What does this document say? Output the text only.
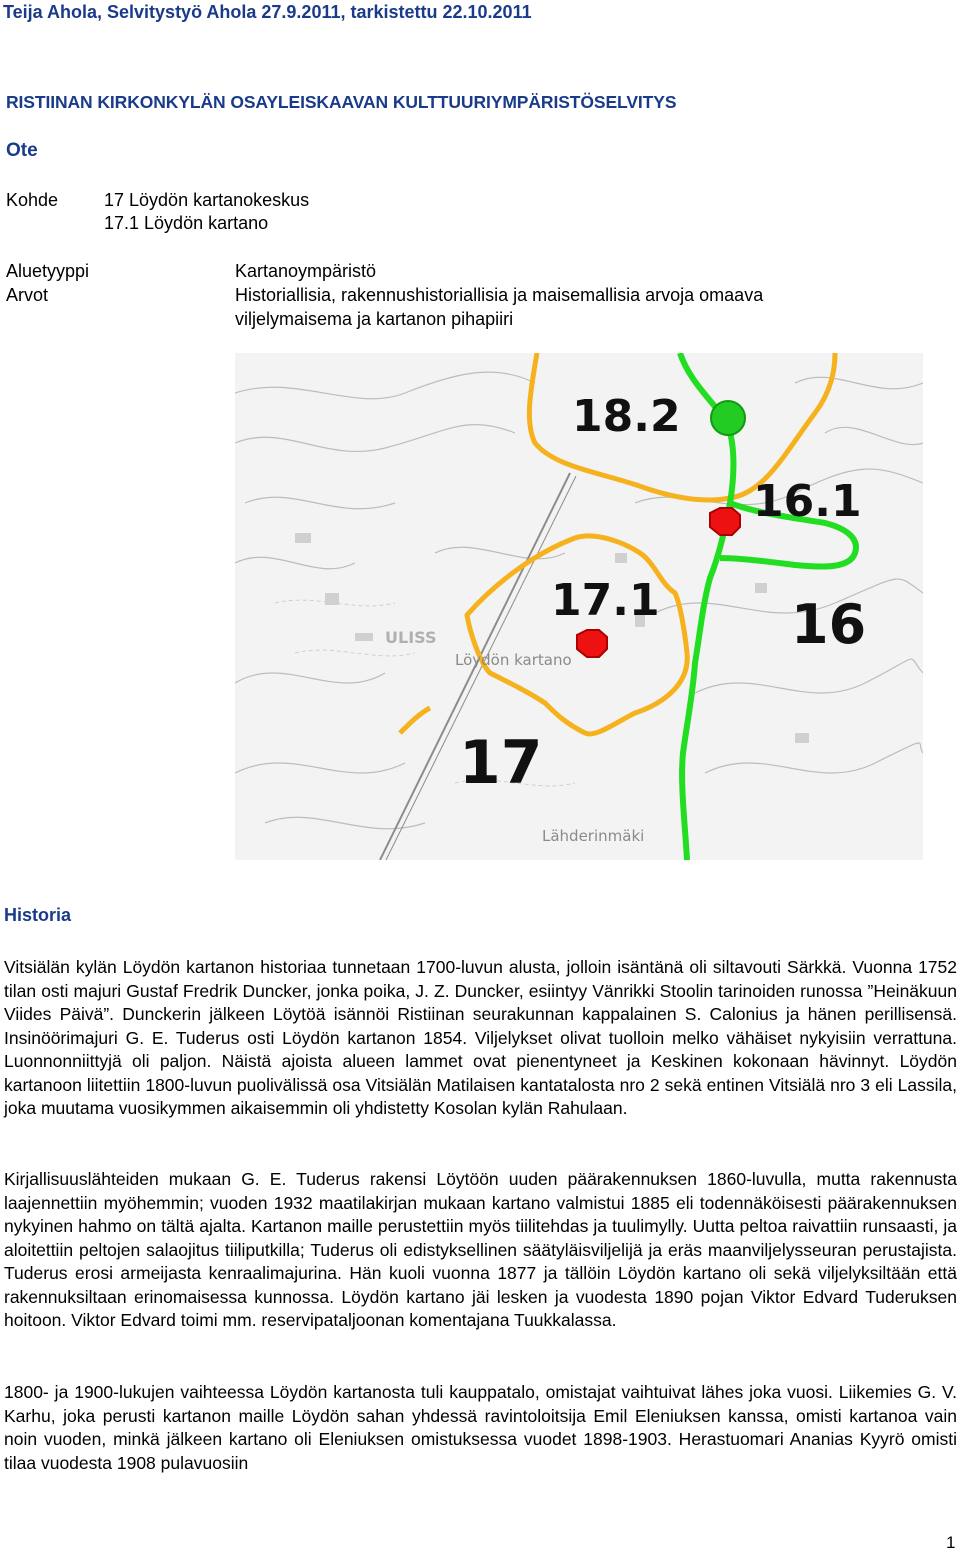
Teija Ahola, Selvitystyö Ahola 27.9.2011, tarkistettu 22.10.2011
RISTIINAN KIRKONKYLÄN OSAYLEISKAAVAN KULTTUURIYMPÄRISTÖSELVITYS
Ote
Kohde	17 Löydön kartanokeskus
17.1 Löydön kartano
Aluetyyppi	Kartanoympäristö
Arvot	Historiallisia, rakennushistoriallisia ja maisemallisia arvoja omaava
viljelymaisema ja kartanon pihapiiri
ULISS
18.2
16.1
17.1 16
17
Löydön kartano
Lähderinmäki
Historia
Vitsiälän kylän Löydön kartanon historiaa tunnetaan 1700-luvun alusta, jolloin isäntänä oli siltavouti Särkkä. Vuonna 1752 tilan osti majuri Gustaf Fredrik Duncker, jonka poika, J. Z. Duncker, esiintyy Vänrikki Stoolin tarinoiden runossa ”Heinäkuun Viides Päivä”. Dunckerin jälkeen Löytöä isännöi Ristiinan seurakunnan kappalainen S. Calonius ja hänen perillisensä. Insinöörimajuri G. E. Tuderus osti Löydön kartanon 1854. Viljelykset olivat tuolloin melko vähäiset nykyisiin verrattuna. Luonnonniittyjä oli paljon. Näistä ajoista alueen lammet ovat pienentyneet ja Keskinen kokonaan hävinnyt. Löydön kartanoon liitettiin 1800-luvun puolivälissä osa Vitsiälän Matilaisen kantatalosta nro 2 sekä entinen Vitsiälä nro 3 eli Lassila, joka muutama vuosikymmen aikaisemmin oli yhdistetty Kosolan kylän Rahulaan.
Kirjallisuuslähteiden mukaan G. E. Tuderus rakensi Löytöön uuden päärakennuksen 1860-luvulla, mutta rakennusta laajennettiin myöhemmin; vuoden 1932 maatilakirjan mukaan kartano valmistui 1885 eli todennäköisesti päärakennuksen nykyinen hahmo on tältä ajalta. Kartanon maille perustettiin myös tiilitehdas ja tuulimylly. Uutta peltoa raivattiin runsaasti, ja aloitettiin peltojen salaojitus tiiliputkilla; Tuderus oli edistyksellinen säätyläisviljelijä ja eräs maanviljelysseuran perustajista. Tuderus erosi armeijasta kenraalimajurina. Hän kuoli vuonna 1877 ja tällöin Löydön kartano oli sekä viljelyksiltään että rakennuksiltaan erinomaisessa kunnossa. Löydön kartano jäi lesken ja vuodesta 1890 pojan Viktor Edvard Tuderuksen hoitoon. Viktor Edvard toimi mm. reservipataljoonan komentajana Tuukkalassa.
1800- ja 1900-lukujen vaihteessa Löydön kartanosta tuli kauppatalo, omistajat vaihtuivat lähes joka vuosi. Liikemies G. V. Karhu, joka perusti kartanon maille Löydön sahan yhdessä ravintoloitsija Emil Eleniuksen kanssa, omisti kartanoa vain noin vuoden, minkä jälkeen kartano oli Eleniuksen omistuksessa vuodet 1898-1903. Herastuomari Ananias Kyyrö omisti tilaa vuodesta 1908 pulavuosiin
1
